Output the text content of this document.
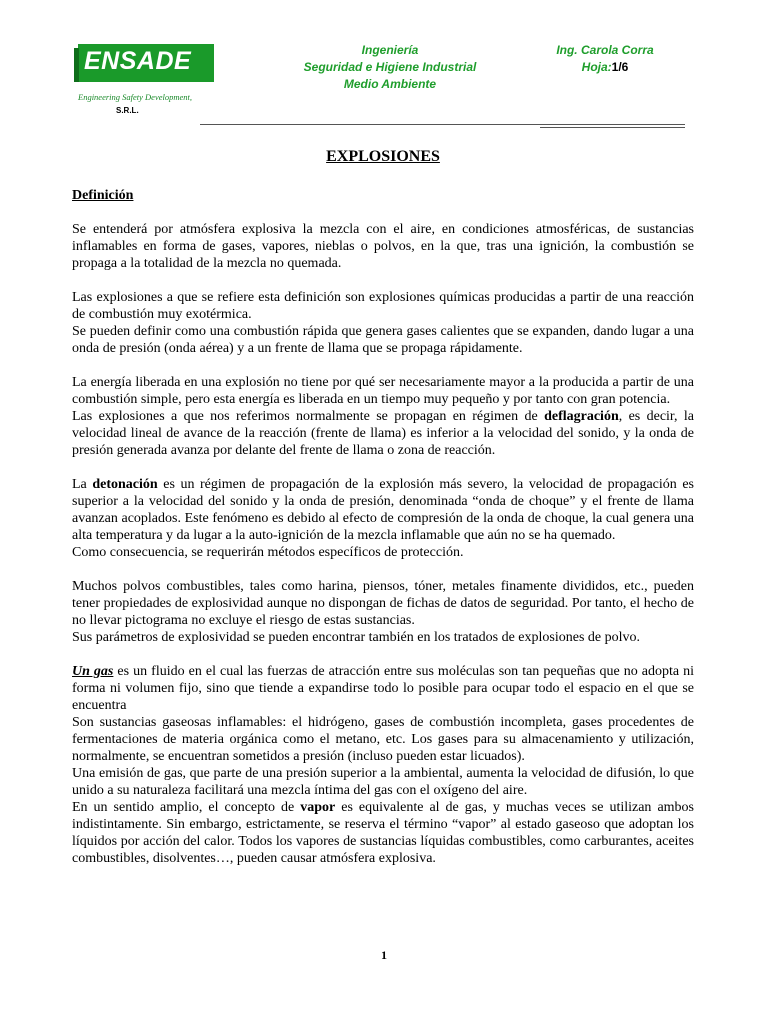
ENSADE
Engineering Safety Development,
S.R.L.
Ingeniería
Seguridad e Higiene Industrial
Medio Ambiente
Ing. Carola Corra
Hoja:1/6
EXPLOSIONES
Definición

Se entenderá por atmósfera explosiva la mezcla con el aire, en condiciones atmosféricas, de sustancias inflamables en forma de gases, vapores, nieblas o polvos, en la que, tras una ignición, la combustión se propaga a la totalidad de la mezcla no quemada.

Las explosiones a que se refiere esta definición son explosiones químicas producidas a partir de una reacción de combustión muy exotérmica.

Se pueden definir como una combustión rápida que genera gases calientes que se expanden, dando lugar a una onda de presión (onda aérea) y a un frente de llama que se propaga rápidamente.

La energía liberada en una explosión no tiene por qué ser necesariamente mayor a la producida a partir de una combustión simple, pero esta energía es liberada en un tiempo muy pequeño y por tanto con gran potencia.

Las explosiones a que nos referimos normalmente se propagan en régimen de deflagración, es decir, la velocidad lineal de avance de la reacción (frente de llama) es inferior a la velocidad del sonido, y la onda de presión generada avanza por delante del frente de llama o zona de reacción.

La detonación es un régimen de propagación de la explosión más severo, la velocidad de propagación es superior a la velocidad del sonido y la onda de presión, denominada “onda de choque” y el frente de llama avanzan acoplados. Este fenómeno es debido al efecto de compresión de la onda de choque, la cual genera una alta temperatura y da lugar a la auto-ignición de la mezcla inflamable que aún no se ha quemado.

Como consecuencia, se requerirán métodos específicos de protección.

Muchos polvos combustibles, tales como harina, piensos, tóner, metales finamente divididos, etc., pueden tener propiedades de explosividad aunque no dispongan de fichas de datos de seguridad. Por tanto, el hecho de no llevar pictograma no excluye el riesgo de estas sustancias.

Sus parámetros de explosividad se pueden encontrar también en los tratados de explosiones de polvo.

Un gas es un fluido en el cual las fuerzas de atracción entre sus moléculas son tan pequeñas que no adopta ni forma ni volumen fijo, sino que tiende a expandirse todo lo posible para ocupar todo el espacio en el que se encuentra

Son sustancias gaseosas inflamables: el hidrógeno, gases de combustión incompleta, gases procedentes de fermentaciones de materia orgánica como el metano, etc. Los gases para su almacenamiento y utilización, normalmente, se encuentran sometidos a presión (incluso pueden estar licuados).

Una emisión de gas, que parte de una presión superior a la ambiental, aumenta la velocidad de difusión, lo que unido a su naturaleza facilitará una mezcla íntima del gas con el oxígeno del aire.

En un sentido amplio, el concepto de vapor es equivalente al de gas, y muchas veces se utilizan ambos indistintamente. Sin embargo, estrictamente, se reserva el término “vapor” al estado gaseoso que adoptan los líquidos por acción del calor. Todos los vapores de sustancias líquidas combustibles, como carburantes, aceites combustibles, disolventes…, pueden causar atmósfera explosiva.

1
